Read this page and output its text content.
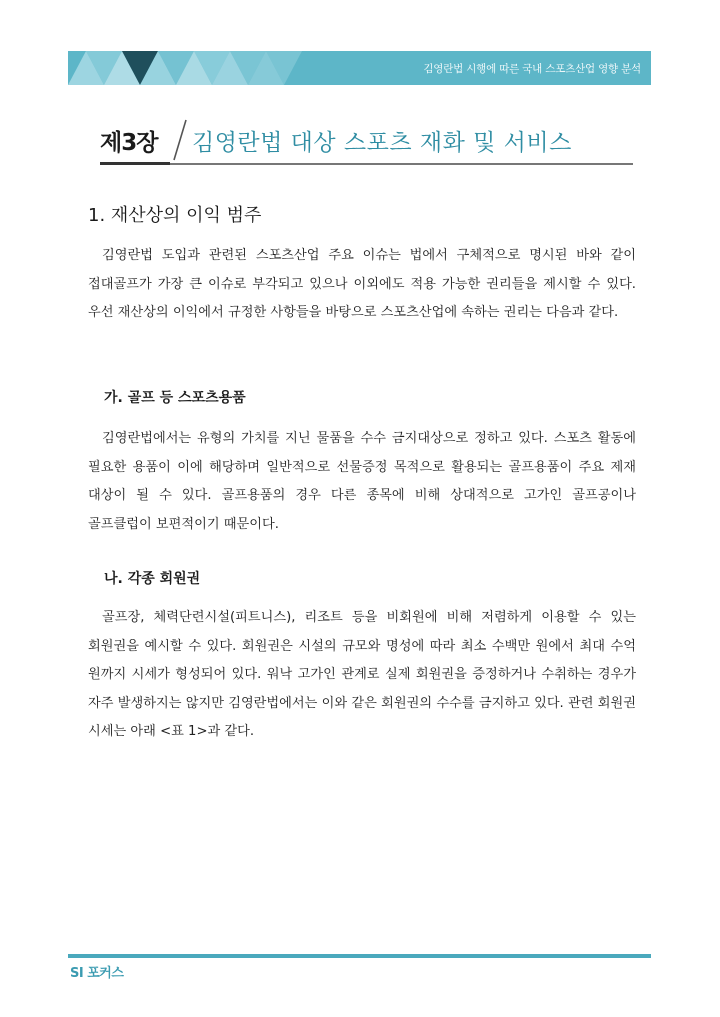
김영란법 시행에 따른 국내 스포츠산업 영향 분석
제3장 김영란법 대상 스포츠 재화 및 서비스
1. 재산상의 이익 범주
김영란법 도입과 관련된 스포츠산업 주요 이슈는 법에서 구체적으로 명시된 바와 같이 접대골프가 가장 큰 이슈로 부각되고 있으나 이외에도 적용 가능한 권리들을 제시할 수 있다. 우선 재산상의 이익에서 규정한 사항들을 바탕으로 스포츠산업에 속하는 권리는 다음과 같다.
가. 골프 등 스포츠용품
김영란법에서는 유형의 가치를 지닌 물품을 수수 금지대상으로 정하고 있다. 스포츠 활동에 필요한 용품이 이에 해당하며 일반적으로 선물증정 목적으로 활용되는 골프용품이 주요 제재 대상이 될 수 있다. 골프용품의 경우 다른 종목에 비해 상대적으로 고가인 골프공이나 골프클럽이 보편적이기 때문이다.
나. 각종 회원권
골프장, 체력단련시설(피트니스), 리조트 등을 비회원에 비해 저렴하게 이용할 수 있는 회원권을 예시할 수 있다. 회원권은 시설의 규모와 명성에 따라 최소 수백만 원에서 최대 수억 원까지 시세가 형성되어 있다. 워낙 고가인 관계로 실제 회원권을 증정하거나 수취하는 경우가 자주 발생하지는 않지만 김영란법에서는 이와 같은 회원권의 수수를 금지하고 있다. 관련 회원권 시세는 아래 <표 1>과 같다.
SI 포커스
